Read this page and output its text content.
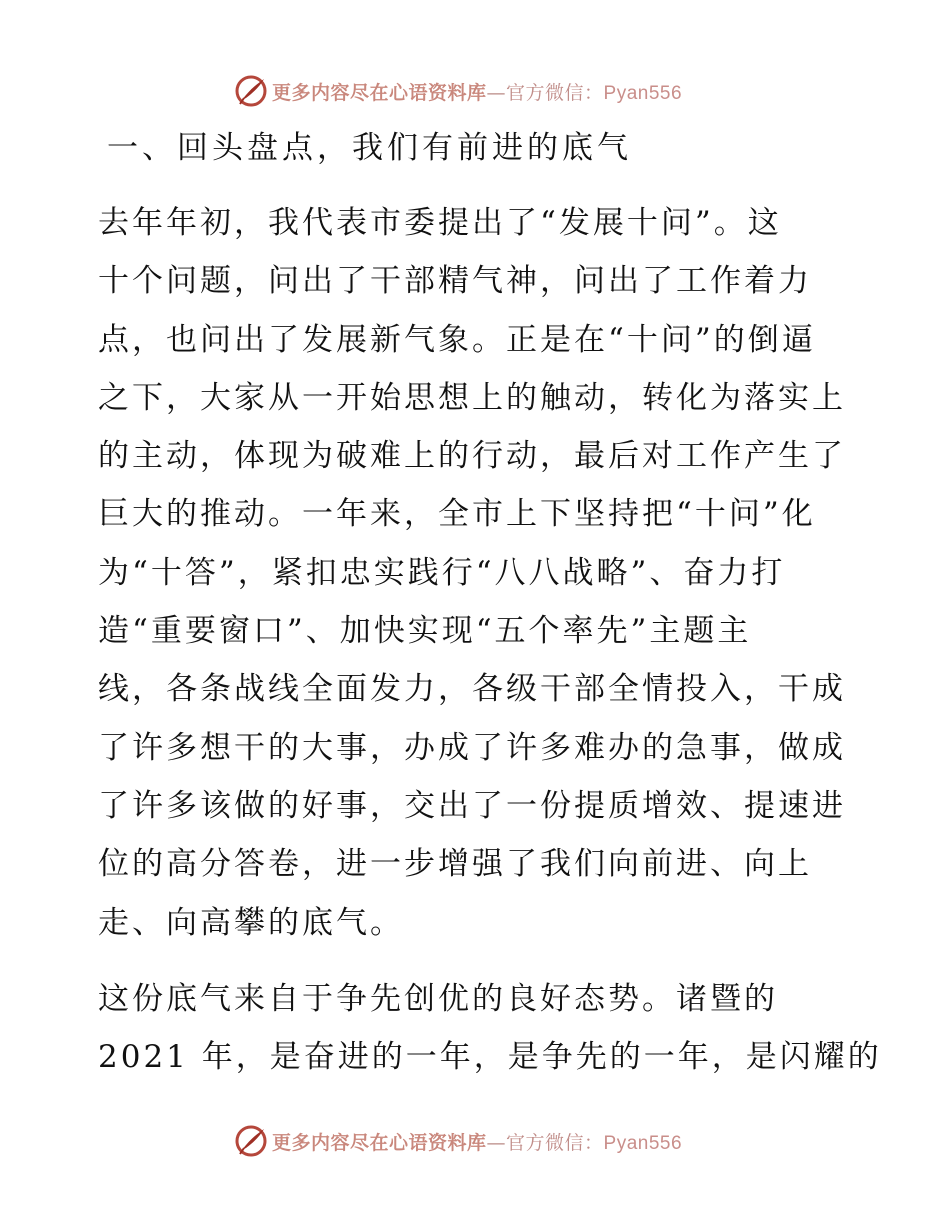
更多内容尽在心语资料库—官方微信：Pyan556
一、回头盘点，我们有前进的底气
去年年初，我代表市委提出了“发展十问”。这
十个问题，问出了干部精气神，问出了工作着力
点，也问出了发展新气象。正是在“十问”的倒逼
之下，大家从一开始思想上的触动，转化为落实上
的主动，体现为破难上的行动，最后对工作产生了
巨大的推动。一年来，全市上下坚持把“十问”化
为“十答”，紧扣忠实践行“八八战略”、奋力打
造“重要窗口”、加快实现“五个率先”主题主
线，各条战线全面发力，各级干部全情投入，干成
了许多想干的大事，办成了许多难办的急事，做成
了许多该做的好事，交出了一份提质增效、提速进
位的高分答卷，进一步增强了我们向前进、向上
走、向高攀的底气。
这份底气来自于争先创优的良好态势。诸暨的
2021 年，是奋进的一年，是争先的一年，是闪耀的
更多内容尽在心语资料库—官方微信：Pyan556
